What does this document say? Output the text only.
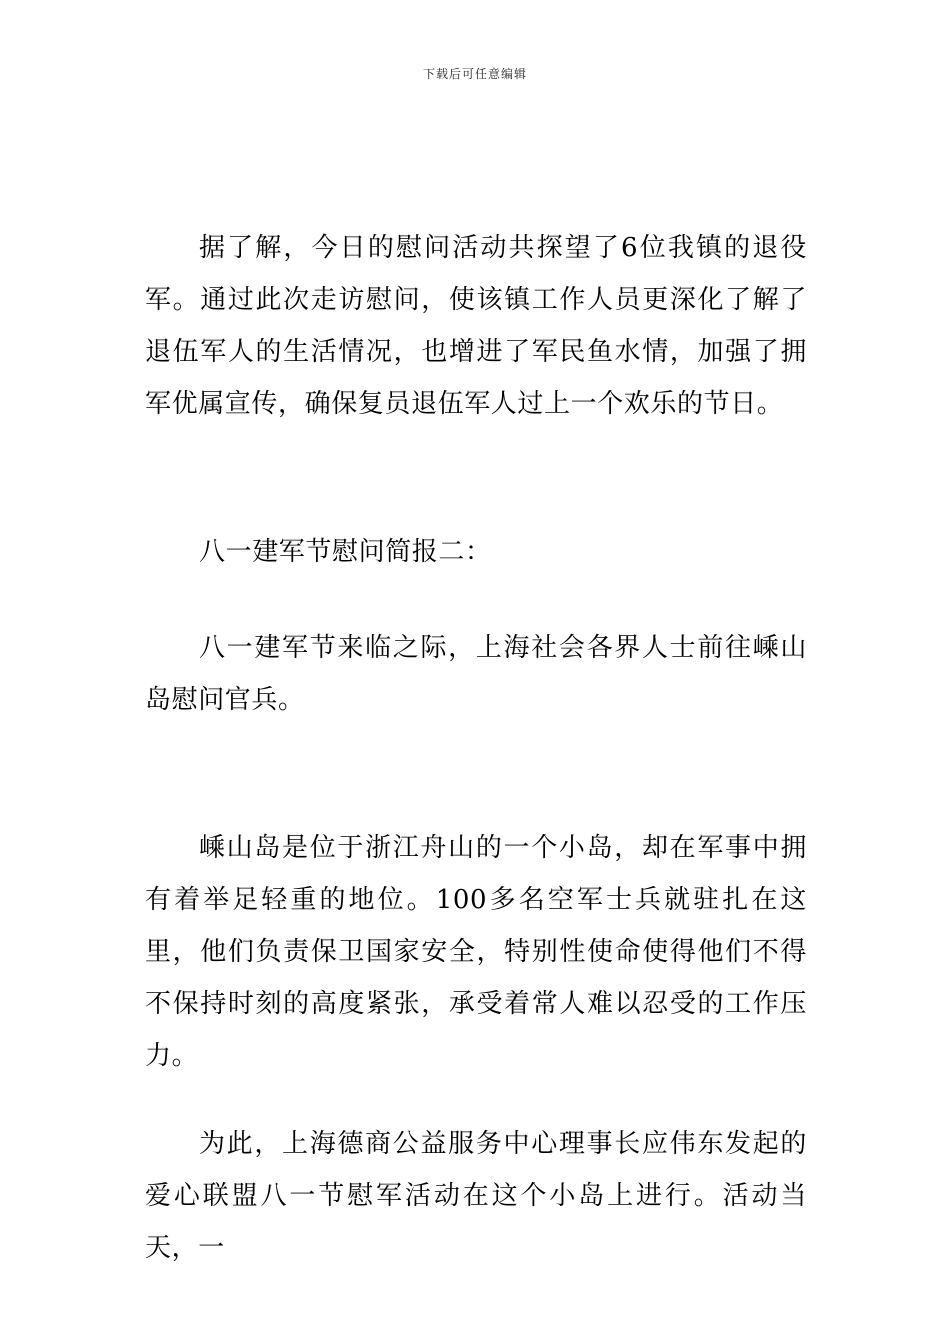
下载后可任意编辑

据了解，今日的慰问活动共探望了6位我镇的退役军。通过此次走访慰问，使该镇工作人员更深化了解了退伍军人的生活情况，也增进了军民鱼水情，加强了拥军优属宣传，确保复员退伍军人过上一个欢乐的节日。

八一建军节慰问简报二：

八一建军节来临之际，上海社会各界人士前往嵊山岛慰问官兵。

嵊山岛是位于浙江舟山的一个小岛，却在军事中拥有着举足轻重的地位。100多名空军士兵就驻扎在这里，他们负责保卫国家安全，特别性使命使得他们不得不保持时刻的高度紧张，承受着常人难以忍受的工作压力。

为此，上海德商公益服务中心理事长应伟东发起的爱心联盟八一节慰军活动在这个小岛上进行。活动当天，一
